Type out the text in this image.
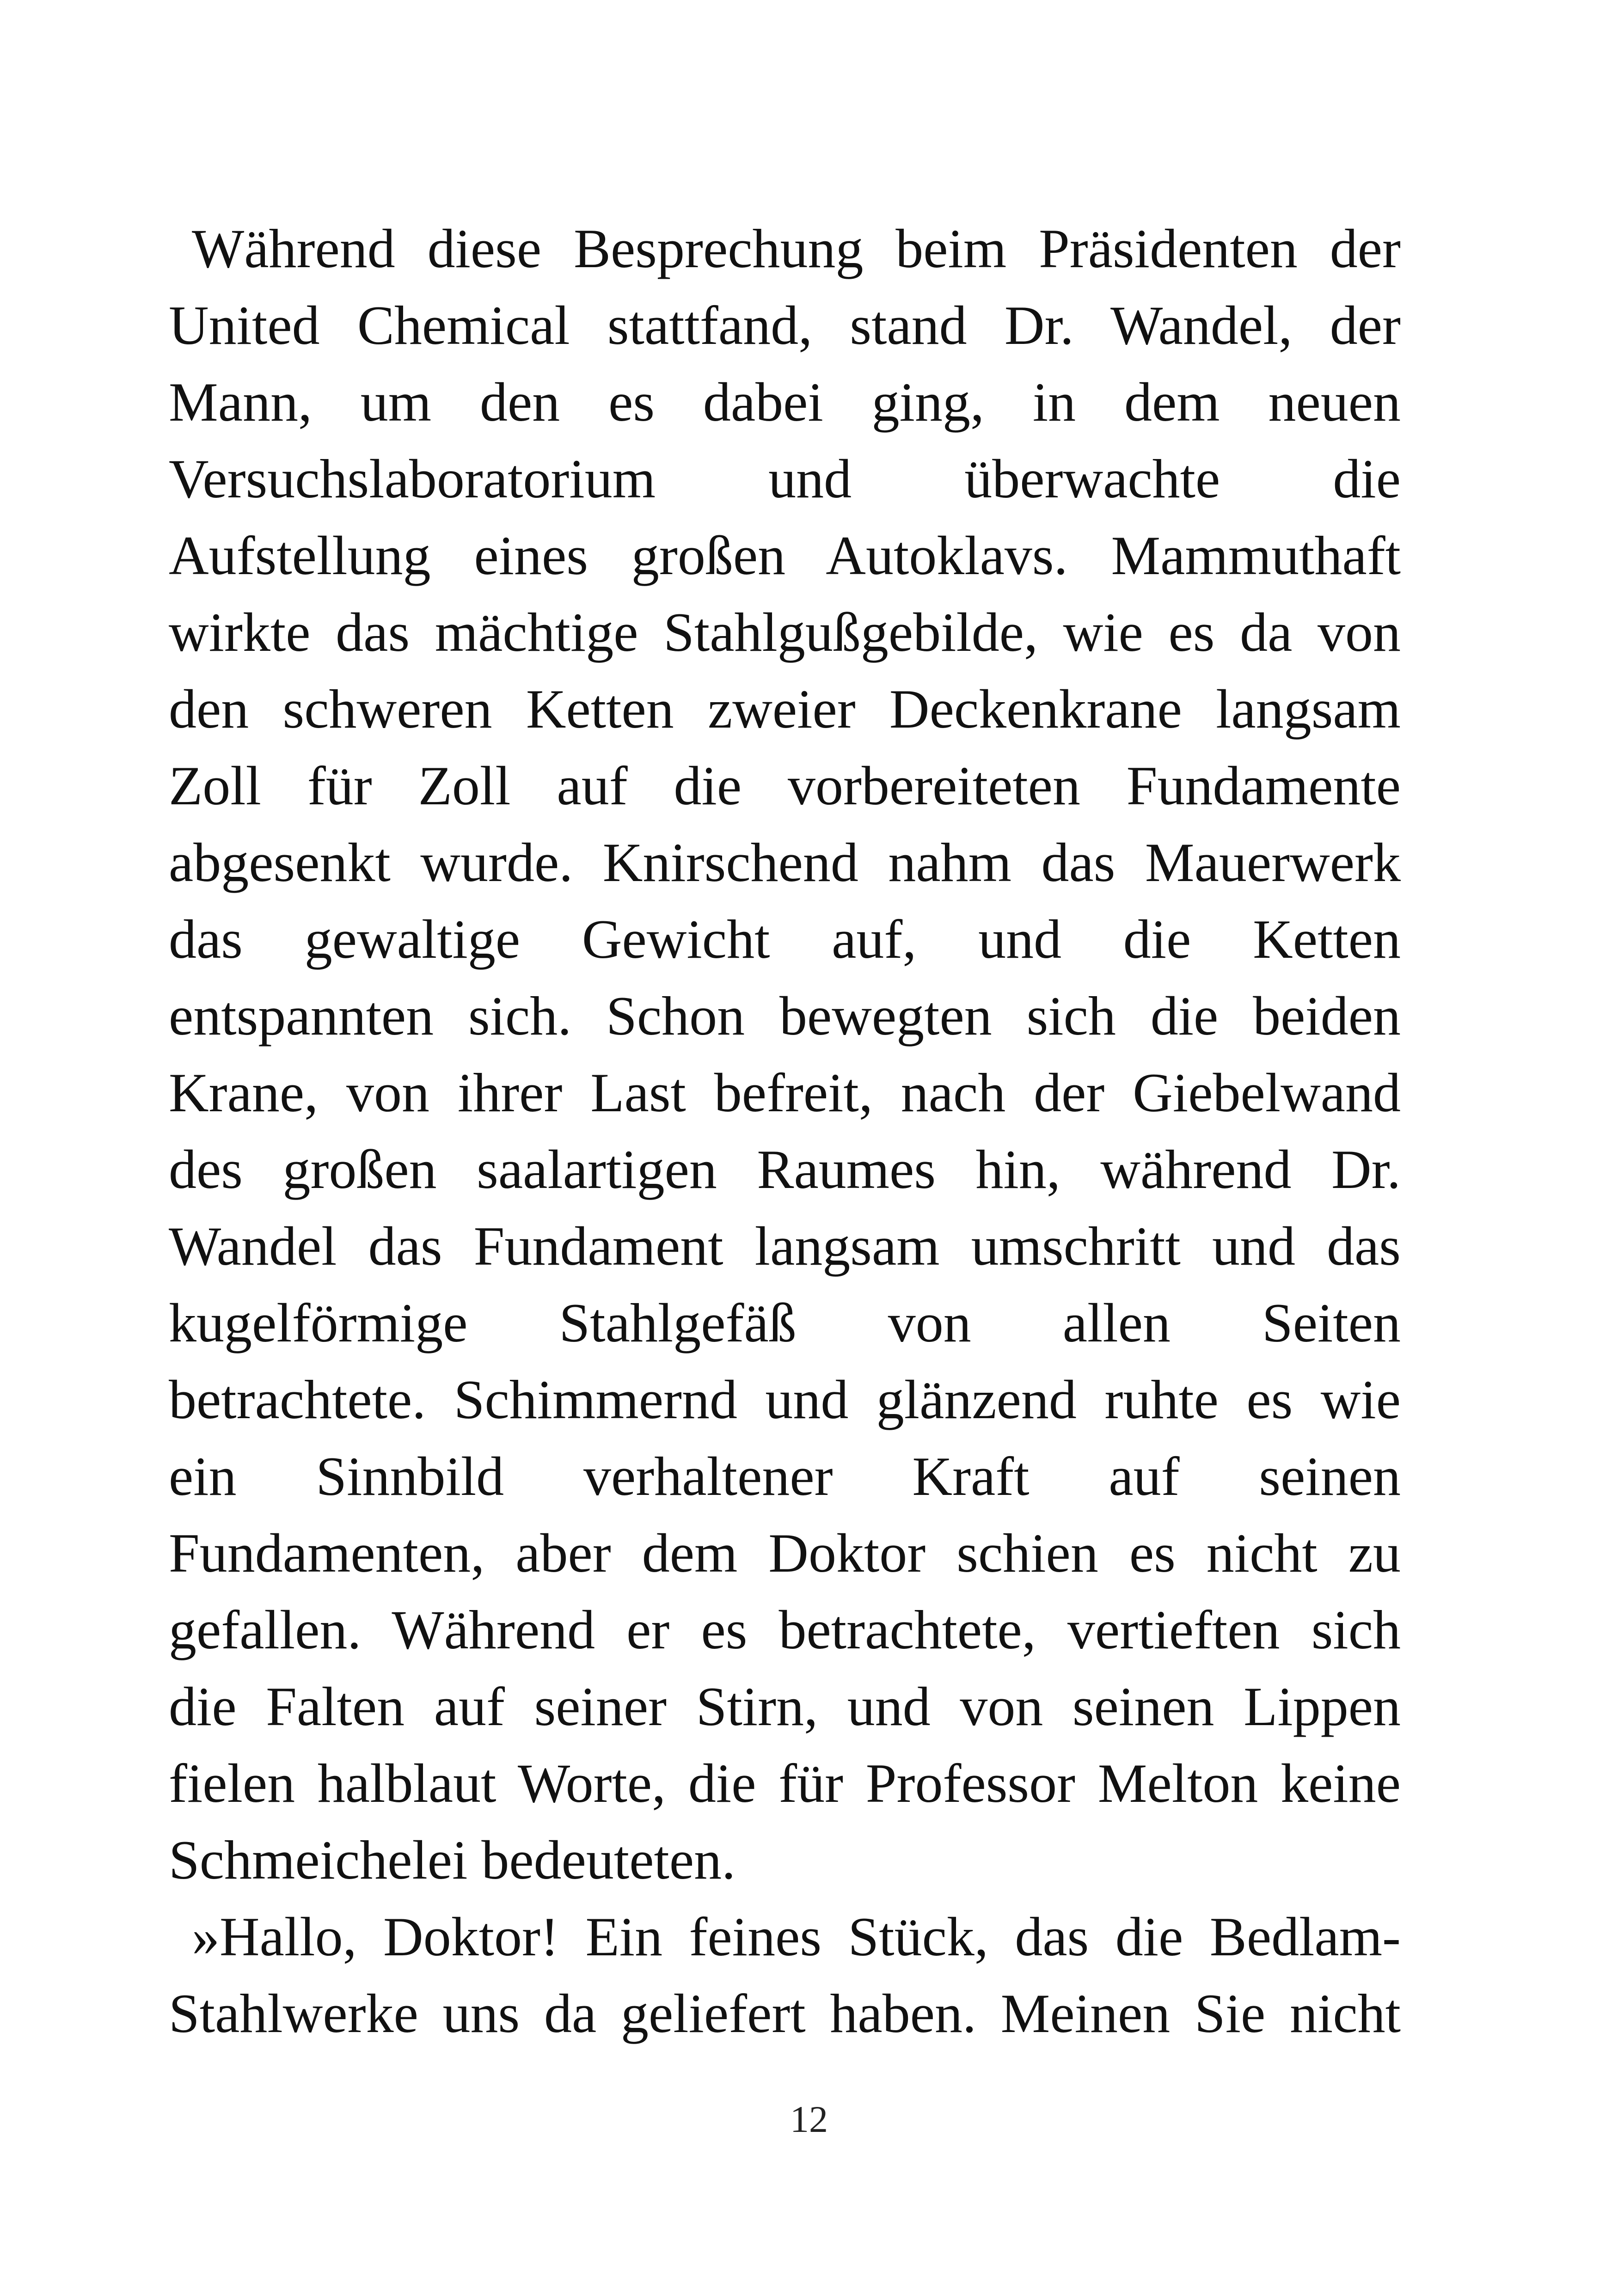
Während diese Besprechung beim Präsidenten der
United Chemical stattfand, stand Dr. Wandel, der
Mann, um den es dabei ging, in dem neuen
Versuchslaboratorium und überwachte die
Aufstellung eines großen Autoklavs. Mammuthaft
wirkte das mächtige Stahlgußgebilde, wie es da von
den schweren Ketten zweier Deckenkrane langsam
Zoll für Zoll auf die vorbereiteten Fundamente
abgesenkt wurde. Knirschend nahm das Mauerwerk
das gewaltige Gewicht auf, und die Ketten
entspannten sich. Schon bewegten sich die beiden
Krane, von ihrer Last befreit, nach der Giebelwand
des großen saalartigen Raumes hin, während Dr.
Wandel das Fundament langsam umschritt und das
kugelförmige Stahlgefäß von allen Seiten
betrachtete. Schimmernd und glänzend ruhte es wie
ein Sinnbild verhaltener Kraft auf seinen
Fundamenten, aber dem Doktor schien es nicht zu
gefallen. Während er es betrachtete, vertieften sich
die Falten auf seiner Stirn, und von seinen Lippen
fielen halblaut Worte, die für Professor Melton keine
Schmeichelei bedeuteten.
»Hallo, Doktor! Ein feines Stück, das die Bedlam-
Stahlwerke uns da geliefert haben. Meinen Sie nicht
12
